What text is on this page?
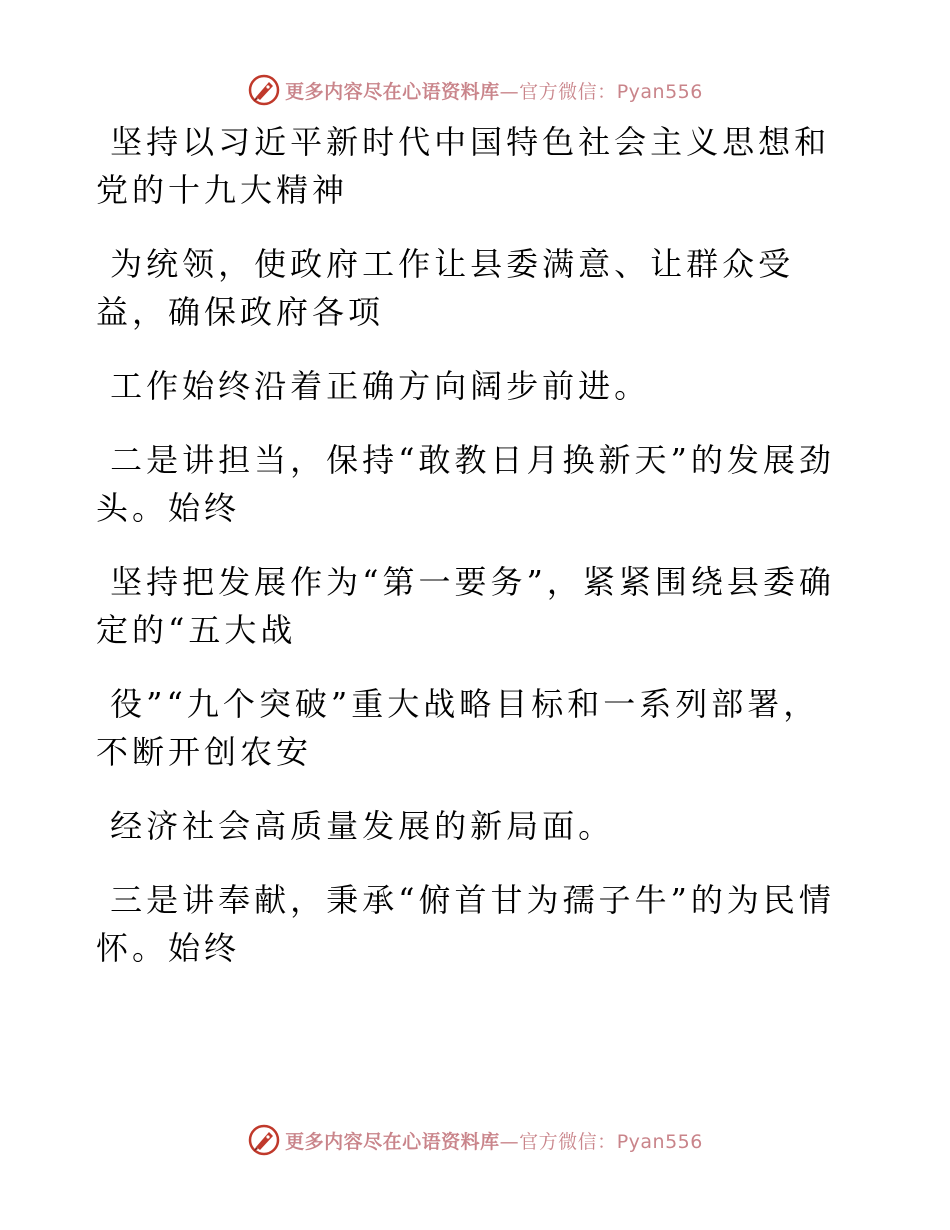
更多内容尽在心语资料库—官方微信：Pyan556

坚持以习近平新时代中国特色社会主义思想和党的十九大精神

为统领，使政府工作让县委满意、让群众受益，确保政府各项

工作始终沿着正确方向阔步前进。

二是讲担当，保持“敢教日月换新天”的发展劲头。始终

坚持把发展作为“第一要务”，紧紧围绕县委确定的“五大战

役”“九个突破”重大战略目标和一系列部署，不断开创农安

经济社会高质量发展的新局面。

三是讲奉献，秉承“俯首甘为孺子牛”的为民情怀。始终

更多内容尽在心语资料库—官方微信：Pyan556
